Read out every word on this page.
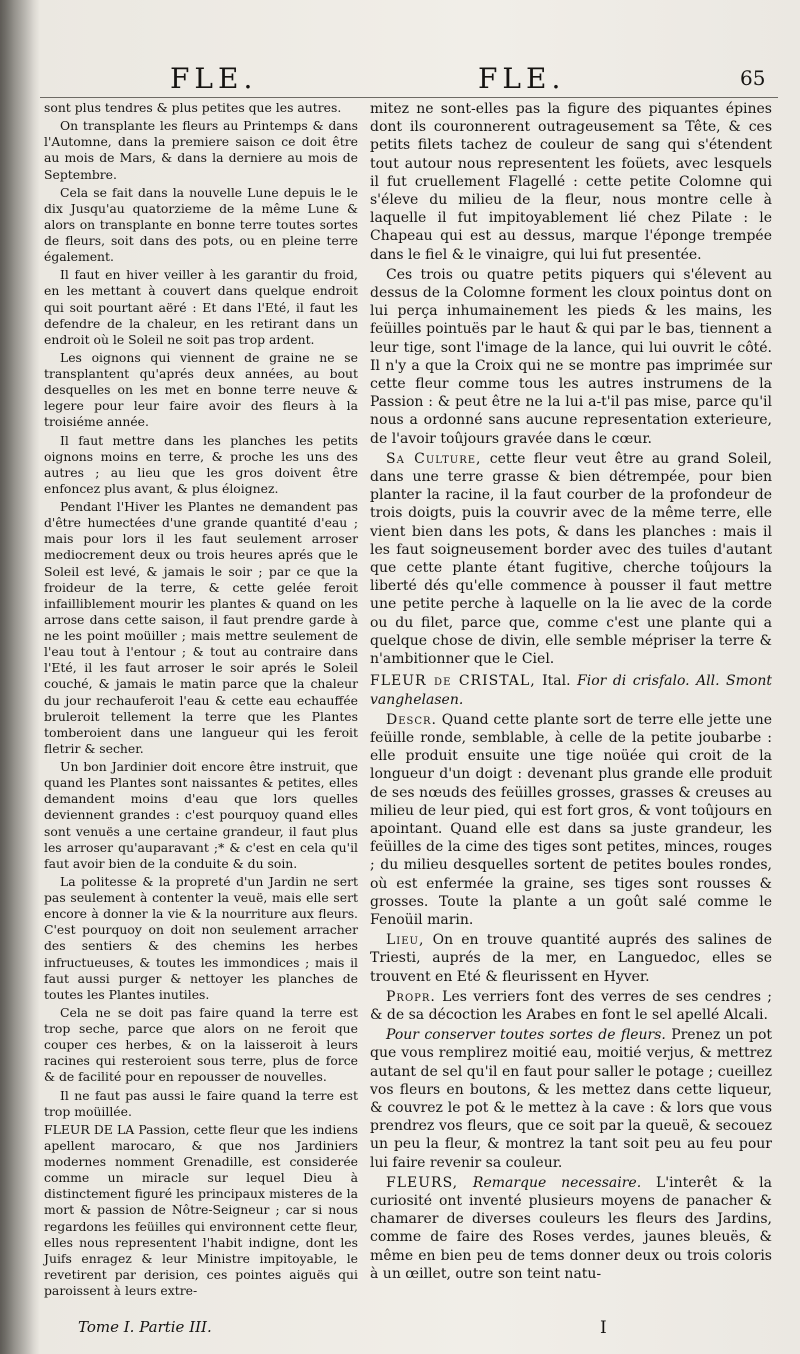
FLE.	FLE.	65

sont plus tendres & plus petites que les autres.

On transplante les fleurs au Printemps & dans l'Automne, dans la premiere saison ce doit être au mois de Mars, & dans la derniere au mois de Septembre.

Cela se fait dans la nouvelle Lune depuis le le dix Jusqu'au quatorzieme de la même Lune & alors on transplante en bonne terre toutes sortes de fleurs, soit dans des pots, ou en pleine terre également.

Il faut en hiver veiller à les garantir du froid, en les mettant à couvert dans quelque endroit qui soit pourtant aëré : Et dans l'Eté, il faut les defendre de la chaleur, en les retirant dans un endroit où le Soleil ne soit pas trop ardent.

Les oignons qui viennent de graine ne se transplantent qu'aprés deux années, au bout desquelles on les met en bonne terre neuve & legere pour leur faire avoir des fleurs à la troisiéme année.

Il faut mettre dans les planches les petits oignons moins en terre, & proche les uns des autres ; au lieu que les gros doivent être enfoncez plus avant, & plus éloignez.

Pendant l'Hiver les Plantes ne demandent pas d'être humectées d'une grande quantité d'eau ; mais pour lors il les faut seulement arroser mediocrement deux ou trois heures aprés que le Soleil est levé, & jamais le soir ; par ce que la froideur de la terre, & cette gelée feroit infailliblement mourir les plantes & quand on les arrose dans cette saison, il faut prendre garde à ne les point moüiller ; mais mettre seulement de l'eau tout à l'entour ; & tout au contraire dans l'Eté, il les faut arroser le soir aprés le Soleil couché, & jamais le matin parce que la chaleur du jour rechauferoit l'eau & cette eau echauffée bruleroit tellement la terre que les Plantes tomberoient dans une langueur qui les feroit fletrir & secher.

Un bon Jardinier doit encore être instruit, que quand les Plantes sont naissantes & petites, elles demandent moins d'eau que lors quelles deviennent grandes : c'est pourquoy quand elles sont venuës a une certaine grandeur, il faut plus les arroser qu'auparavant ;* & c'est en cela qu'il faut avoir bien de la conduite & du soin.

La politesse & la propreté d'un Jardin ne sert pas seulement à contenter la veuë, mais elle sert encore à donner la vie & la nourriture aux fleurs. C'est pourquoy on doit non seulement arracher des sentiers & des chemins les herbes infructueuses, & toutes les immondices ; mais il faut aussi purger & nettoyer les planches de toutes les Plantes inutiles.

Cela ne se doit pas faire quand la terre est trop seche, parce que alors on ne feroit que couper ces herbes, & on la laisseroit à leurs racines qui resteroient sous terre, plus de force & de facilité pour en repousser de nouvelles.

Il ne faut pas aussi le faire quand la terre est trop moüillée.

FLEUR DE LA Passion, cette fleur que les indiens apellent marocaro, & que nos Jardiniers modernes nomment Grenadille, est considerée comme un miracle sur lequel Dieu à distinctement figuré les principaux misteres de la mort & passion de Nôtre-Seigneur ; car si nous regardons les feüilles qui environnent cette fleur, elles nous representent l'habit indigne, dont les Juifs enragez & leur Ministre impitoyable, le revetirent par derision, ces pointes aiguës qui paroissent à leurs extre-

mitez ne sont-elles pas la figure des piquantes épines dont ils couronnerent outrageusement sa Tête, & ces petits filets tachez de couleur de sang qui s'étendent tout autour nous representent les foüets, avec lesquels il fut cruellement Flagellé : cette petite Colomne qui s'éleve du milieu de la fleur, nous montre celle à laquelle il fut impitoyablement lié chez Pilate : le Chapeau qui est au dessus, marque l'éponge trempée dans le fiel & le vinaigre, qui lui fut presentée.

Ces trois ou quatre petits piquers qui s'élevent au dessus de la Colomne forment les cloux pointus dont on lui perça inhumainement les pieds & les mains, les feüilles pointuës par le haut & qui par le bas, tiennent a leur tige, sont l'image de la lance, qui lui ouvrit le côté. Il n'y a que la Croix qui ne se montre pas imprimée sur cette fleur comme tous les autres instrumens de la Passion : & peut être ne la lui a-t'il pas mise, parce qu'il nous a ordonné sans aucune representation exterieure, de l'avoir toûjours gravée dans le cœur.

Sa Culture, cette fleur veut être au grand Soleil, dans une terre grasse & bien détrempée, pour bien planter la racine, il la faut courber de la profondeur de trois doigts, puis la couvrir avec de la même terre, elle vient bien dans les pots, & dans les planches : mais il les faut soigneusement border avec des tuiles d'autant que cette plante étant fugitive, cherche toûjours la liberté dés qu'elle commence à pousser il faut mettre une petite perche à laquelle on la lie avec de la corde ou du filet, parce que, comme c'est une plante qui a quelque chose de divin, elle semble mépriser la terre & n'ambitionner que le Ciel.

FLEUR de CRISTAL, Ital. Fior di crisfalo. All. Smont vanghelasen.

Descr. Quand cette plante sort de terre elle jette une feüille ronde, semblable, à celle de la petite joubarbe : elle produit ensuite une tige noüée qui croit de la longueur d'un doigt : devenant plus grande elle produit de ses nœuds des feüilles grosses, grasses & creuses au milieu de leur pied, qui est fort gros, & vont toûjours en apointant. Quand elle est dans sa juste grandeur, les feüilles de la cime des tiges sont petites, minces, rouges ; du milieu desquelles sortent de petites boules rondes, où est enfermée la graine, ses tiges sont rousses & grosses. Toute la plante a un goût salé comme le Fenoüil marin.

Lieu, On en trouve quantité auprés des salines de Triesti, auprés de la mer, en Languedoc, elles se trouvent en Eté & fleurissent en Hyver.

Propr. Les verriers font des verres de ses cendres ; & de sa décoction les Arabes en font le sel apellé Alcali.

Pour conserver toutes sortes de fleurs. Prenez un pot que vous remplirez moitié eau, moitié verjus, & mettrez autant de sel qu'il en faut pour saller le potage ; cueillez vos fleurs en boutons, & les mettez dans cette liqueur, & couvrez le pot & le mettez à la cave : & lors que vous prendrez vos fleurs, que ce soit par la queuë, & secouez un peu la fleur, & montrez la tant soit peu au feu pour lui faire revenir sa couleur.

FLEURS, Remarque necessaire. L'interêt & la curiosité ont inventé plusieurs moyens de panacher & chamarer de diverses couleurs les fleurs des Jardins, comme de faire des Roses verdes, jaunes bleuës, & même en bien peu de tems donner deux ou trois coloris à un œillet, outre son teint natu-

Tome I. Partie III.	I
